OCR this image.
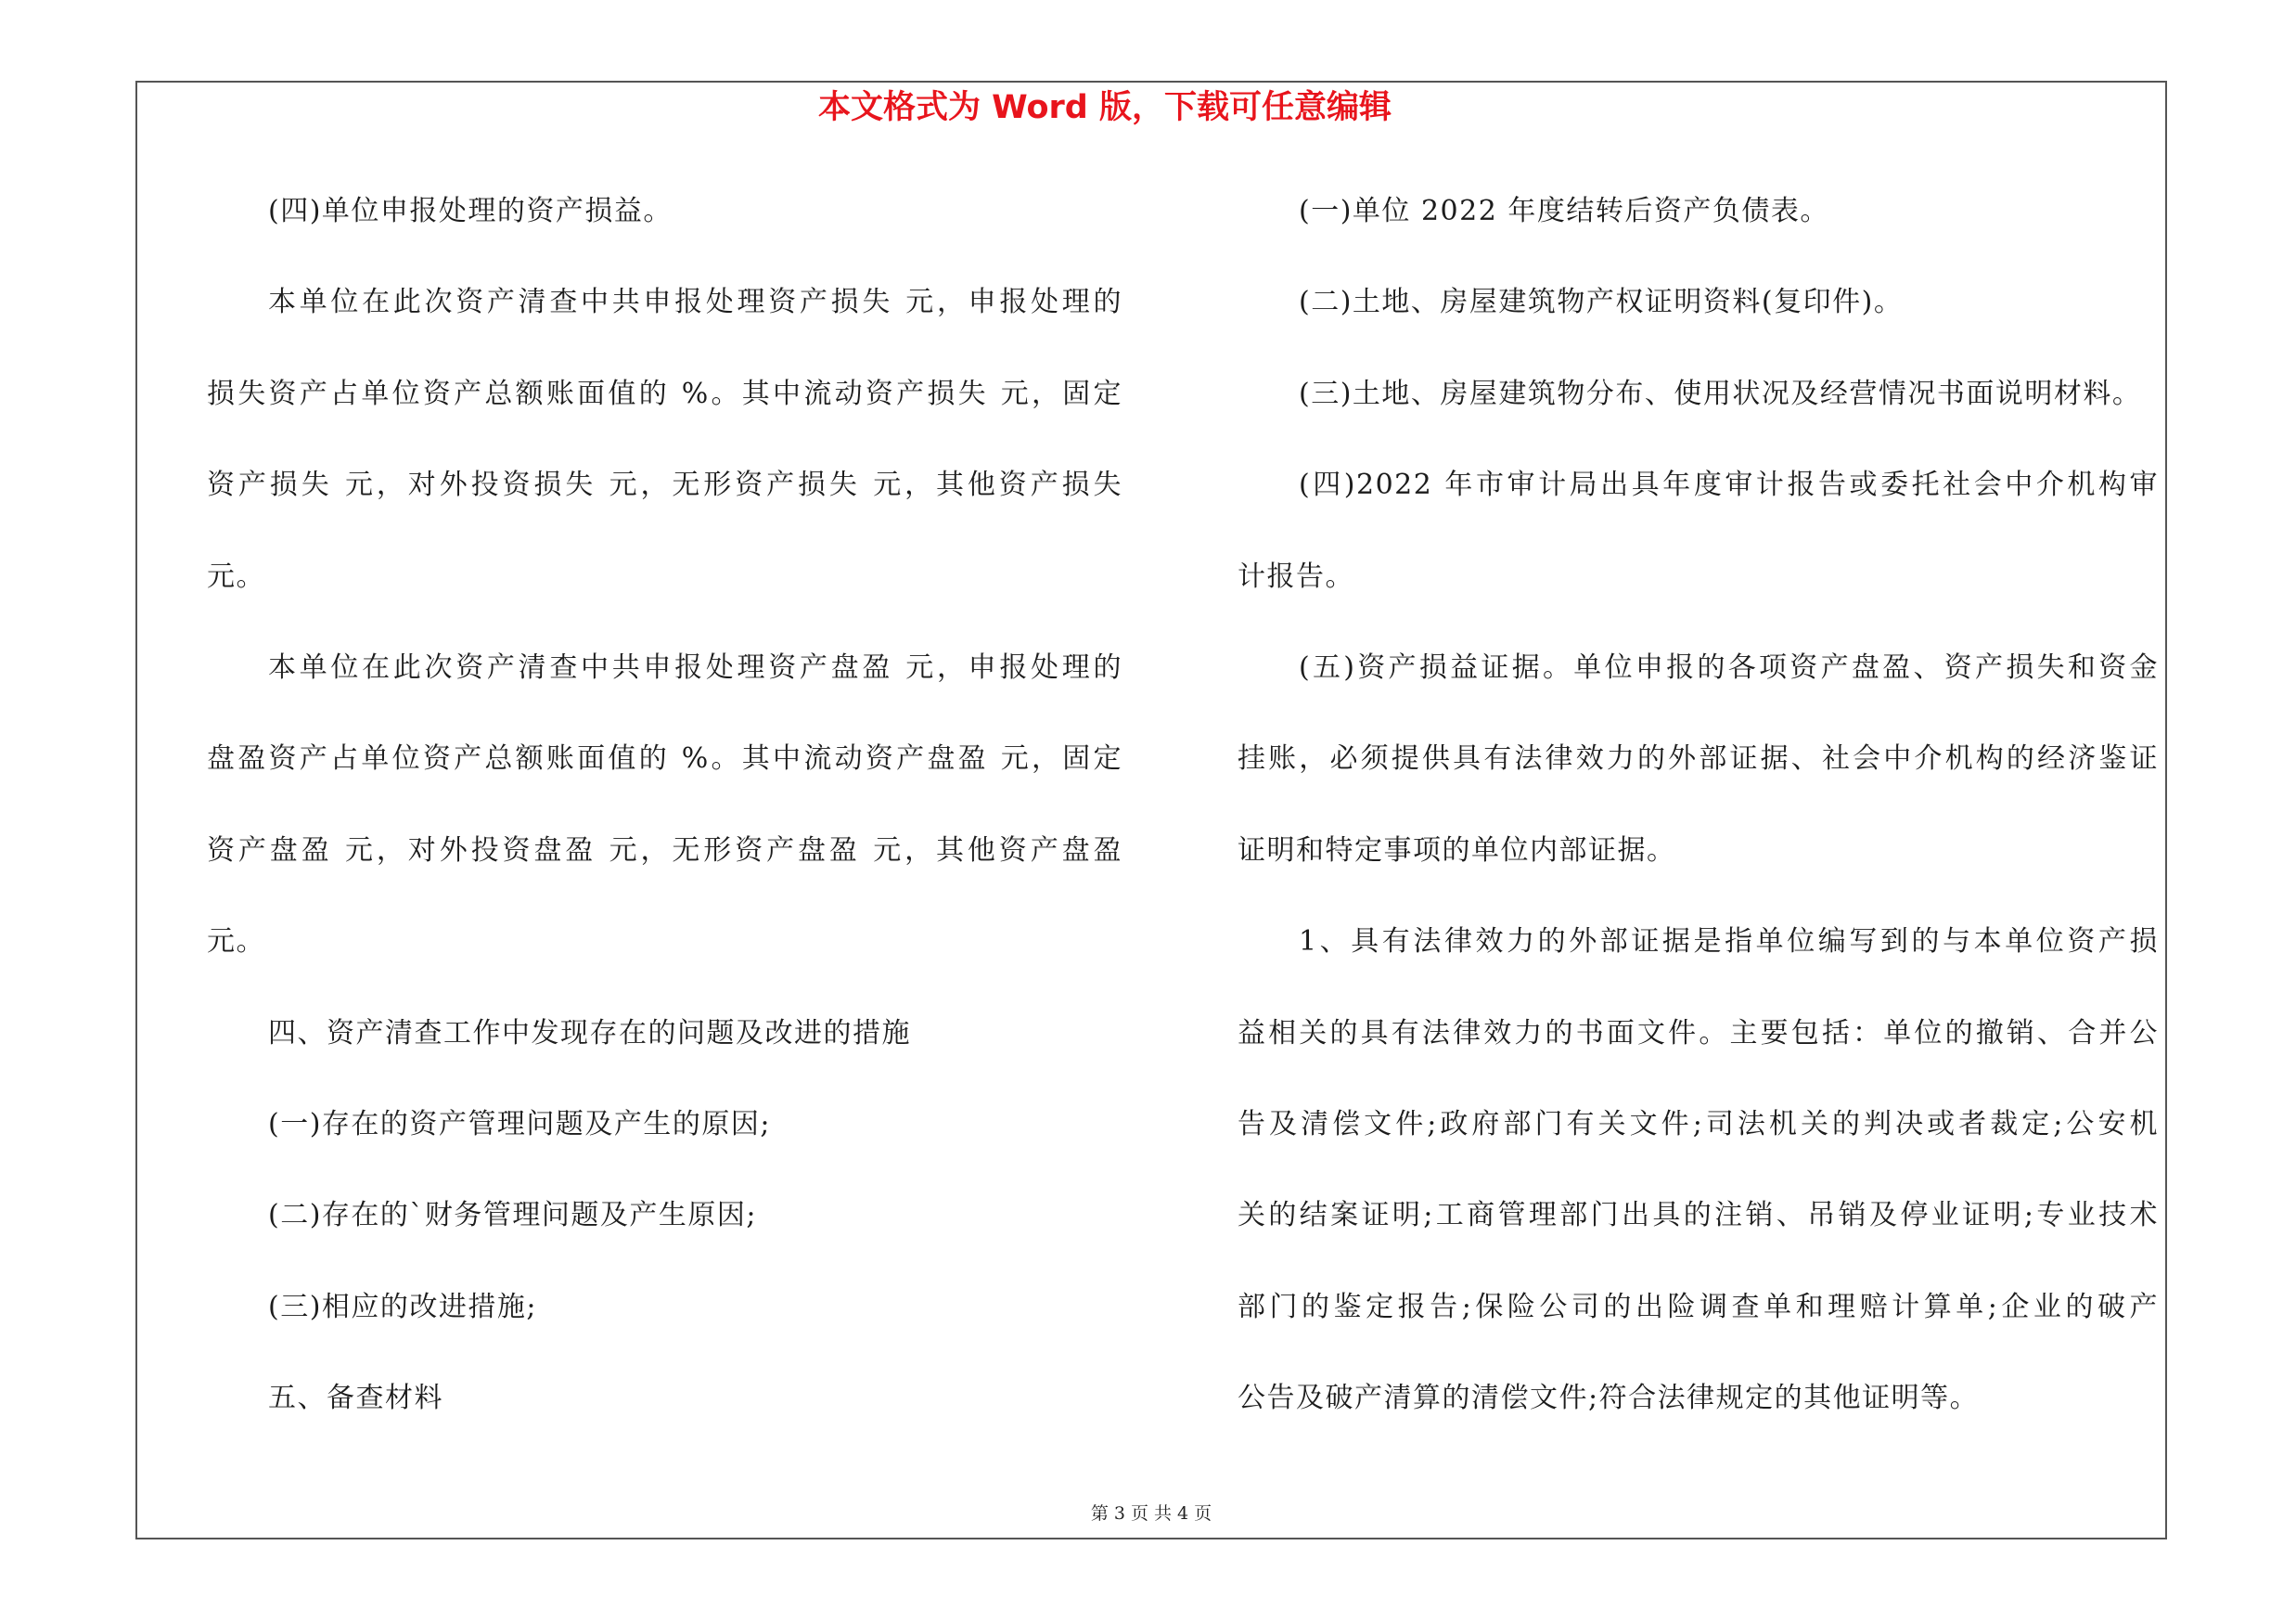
本文格式为 Word 版，下载可任意编辑
(四)单位申报处理的资产损益。
本单位在此次资产清查中共申报处理资产损失 元，申报处理的
损失资产占单位资产总额账面值的 %。其中流动资产损失 元，固定
资产损失 元，对外投资损失 元，无形资产损失 元，其他资产损失
元。
本单位在此次资产清查中共申报处理资产盘盈 元，申报处理的
盘盈资产占单位资产总额账面值的 %。其中流动资产盘盈 元，固定
资产盘盈 元，对外投资盘盈 元，无形资产盘盈 元，其他资产盘盈
元。
四、资产清查工作中发现存在的问题及改进的措施
(一)存在的资产管理问题及产生的原因;
(二)存在的`财务管理问题及产生原因;
(三)相应的改进措施;
五、备查材料
(一)单位 2022 年度结转后资产负债表。
(二)土地、房屋建筑物产权证明资料(复印件)。
(三)土地、房屋建筑物分布、使用状况及经营情况书面说明材料。
(四)2022 年市审计局出具年度审计报告或委托社会中介机构审
计报告。
(五)资产损益证据。单位申报的各项资产盘盈、资产损失和资金
挂账，必须提供具有法律效力的外部证据、社会中介机构的经济鉴证
证明和特定事项的单位内部证据。
1、具有法律效力的外部证据是指单位编写到的与本单位资产损
益相关的具有法律效力的书面文件。主要包括：单位的撤销、合并公
告及清偿文件;政府部门有关文件;司法机关的判决或者裁定;公安机
关的结案证明;工商管理部门出具的注销、吊销及停业证明;专业技术
部门的鉴定报告;保险公司的出险调查单和理赔计算单;企业的破产
公告及破产清算的清偿文件;符合法律规定的其他证明等。
第 3 页 共 4 页
